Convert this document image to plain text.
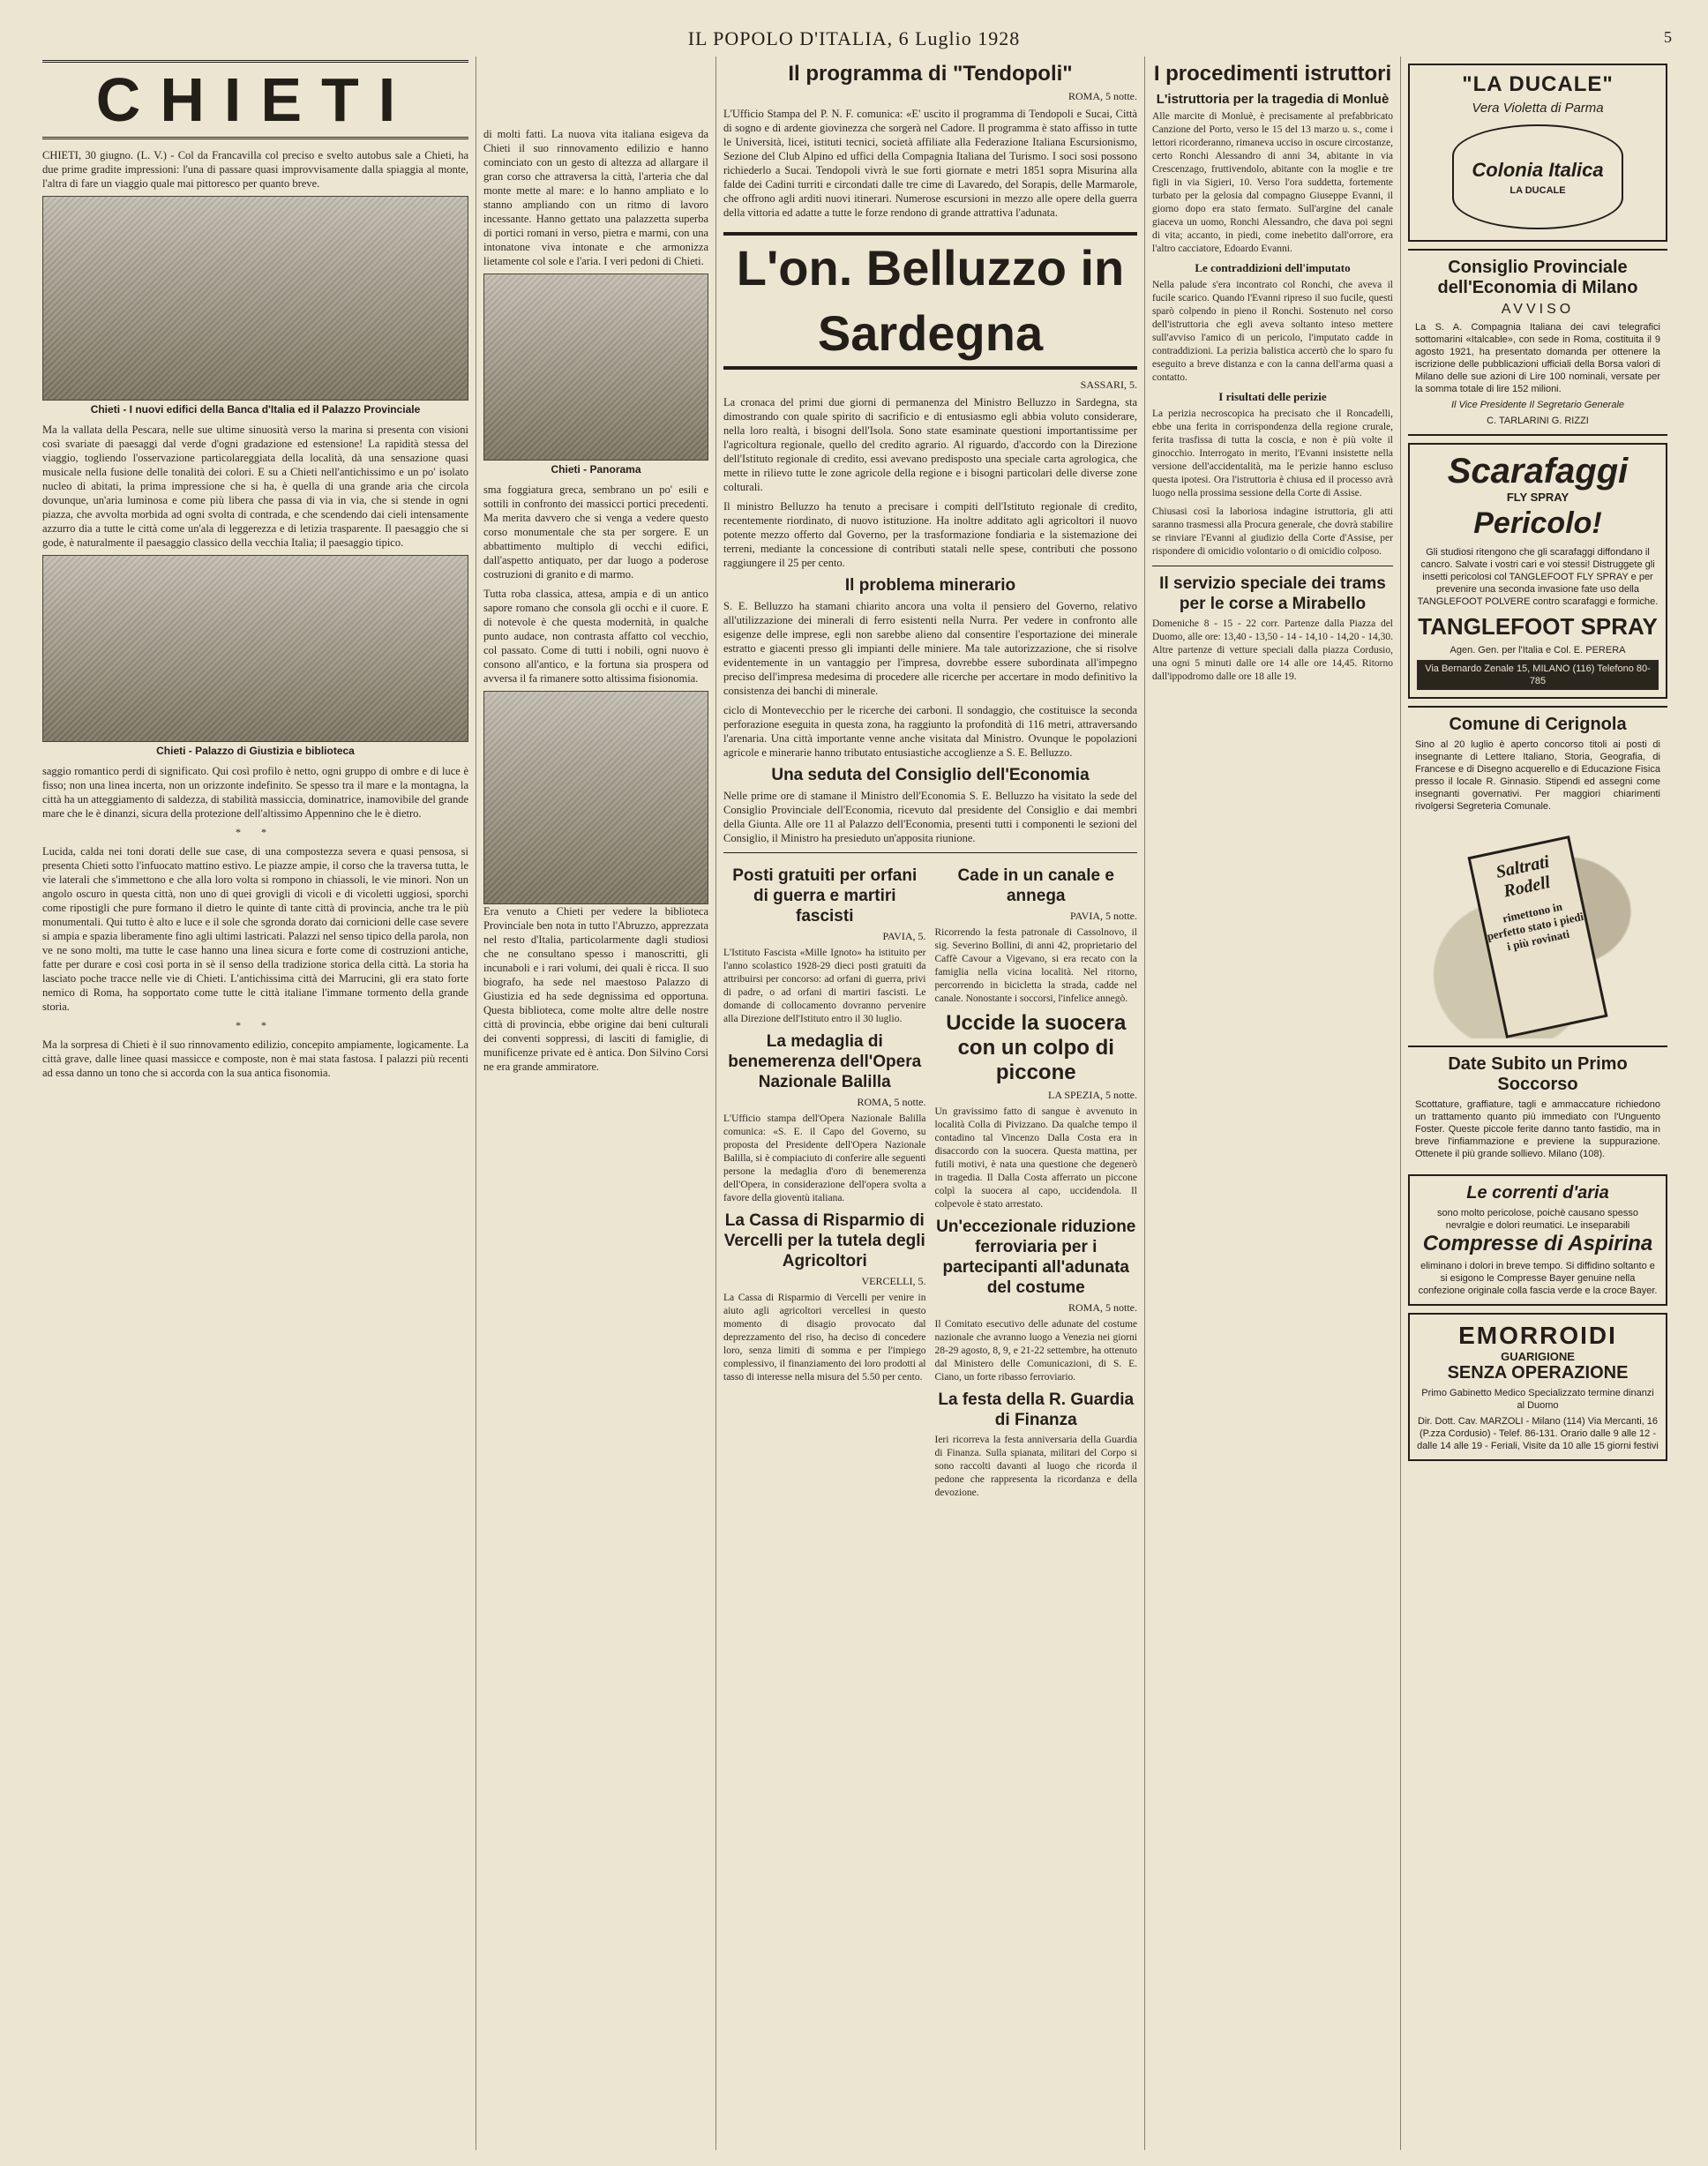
IL POPOLO D'ITALIA, 6 Luglio 1928	5
CHIETI

CHIETI, 30 giugno. (L. V.) - Col da Francavilla col preciso e svelto autobus sale a Chieti, ha due prime gradite impressioni: l'una di passare quasi improvvisamente dalla spiaggia al monte, l'altra di fare un viaggio quale mai pittoresco per quanto breve.

Chieti - I nuovi edifici della Banca d'Italia ed il Palazzo Provinciale

Ma la vallata della Pescara, nelle sue ultime sinuosità verso la marina si presenta con visioni così svariate di paesaggi dal verde d'ogni gradazione ed estensione! La rapidità stessa del viaggio, togliendo l'osservazione particolareggiata della località, dà una sensazione quasi musicale nella fusione delle tonalità dei colori. E su a Chieti nell'antichissimo e un po' isolato nucleo di abitati, la prima impressione che si ha, è quella di una grande aria che circola dovunque, un'aria luminosa e come più libera che passa di via in via, che si stende in ogni piazza, che avvolta morbida ad ogni svolta di contrada, e che scendendo dai cieli intensamente azzurro dia a tutte le città come un'ala di leggerezza e di letizia trasparente. Il paesaggio che si gode, è naturalmente il paesaggio classico della vecchia Italia; il paesaggio tipico.

Chieti - Palazzo di Giustizia e biblioteca

saggio romantico perdi di significato. Qui così profilo è netto, ogni gruppo di ombre e di luce è fisso; non una linea incerta, non un orizzonte indefinito. Se spesso tra il mare e la montagna, la città ha un atteggiamento di saldezza, di stabilità massiccia, dominatrice, inamovibile del grande mare che le è dinanzi, sicura della protezione dell'altissimo Appennino che le è dietro.

* *

Lucida, calda nei toni dorati delle sue case, di una compostezza severa e quasi pensosa, si presenta Chieti sotto l'infuocato mattino estivo. Le piazze ampie, il corso che la traversa tutta, le vie laterali che s'immettono e che alla loro volta si rompono in chiassoli, le vie minori. Non un angolo oscuro in questa città, non uno di quei grovigli di vicoli e di vicoletti uggiosi, sporchi come ripostigli che pure formano il dietro le quinte di tante città di provincia, anche tra le più monumentali. Qui tutto è alto e luce e il sole che sgronda dorato dai cornicioni delle case severe si ampia e spazia liberamente fino agli ultimi lastricati. Palazzi nel senso tipico della parola, non ve ne sono molti, ma tutte le case hanno una linea sicura e forte come di costruzioni antiche, fatte per durare e così così porta in sè il senso della tradizione storica della città. La storia ha lasciato poche tracce nelle vie di Chieti. L'antichissima città dei Marrucini, gli era stato forte nemico di Roma, ha sopportato come tutte le città italiane l'immane tormento della grande storia.

* *

Ma la sorpresa di Chieti è il suo rinnovamento edilizio, concepito ampiamente, logicamente. La città grave, dalle linee quasi massicce e composte, non è mai stata fastosa. I palazzi più recenti ad essa danno un tono che si accorda con la sua antica fisonomia.

di molti fatti. La nuova vita italiana esigeva da Chieti il suo rinnovamento edilizio e hanno cominciato con un gesto di altezza ad allargare il gran corso che attraversa la città, l'arteria che dal monte mette al mare: e lo hanno ampliato e lo stanno ampliando con un ritmo di lavoro incessante. Hanno gettato una palazzetta superba di portici romani in verso, pietra e marmi, con una intonatone viva intonate e che armonizza lietamente col sole e l'aria. I veri pedoni di Chieti.

Chieti - Panorama

sma foggiatura greca, sembrano un po' esili e sottili in confronto dei massicci portici precedenti. Ma merita davvero che si venga a vedere questo corso monumentale che sta per sorgere. E un abbattimento multiplo di vecchi edifici, dall'aspetto antiquato, per dar luogo a poderose costruzioni di granito e di marmo.

Tutta roba classica, attesa, ampia e di un antico sapore romano che consola gli occhi e il cuore. E di notevole è che questa modernità, in qualche punto audace, non contrasta affatto col vecchio, col passato. Come di tutti i nobili, ogni nuovo è consono all'antico, e la fortuna sia prospera od avversa il fa rimanere sotto altissima fisionomia.

Era venuto a Chieti per vedere la biblioteca Provinciale ben nota in tutto l'Abruzzo, apprezzata nel resto d'Italia, particolarmente dagli studiosi che ne consultano spesso i manoscritti, gli incunaboli e i rari volumi, dei quali è ricca. Il suo biografo, ha sede nel maestoso Palazzo di Giustizia ed ha sede degnissima ed opportuna. Questa biblioteca, come molte altre delle nostre città di provincia, ebbe origine dai beni culturali dei conventi soppressi, di lasciti di famiglie, di munificenze private ed è antica. Don Silvino Corsi ne era grande ammiratore.

Il programma di "Tendopoli"
ROMA, 5 notte.

L'Ufficio Stampa del P. N. F. comunica: «E' uscito il programma di Tendopoli e Sucai, Città di sogno e di ardente giovinezza che sorgerà nel Cadore. Il programma è stato affisso in tutte le Università, licei, istituti tecnici, società affiliate alla Federazione Italiana Escursionismo, Sezione del Club Alpino ed uffici della Compagnia Italiana del Turismo. I soci sosi possono richiederlo a Sucai. Tendopoli vivrà le sue forti giornate e metri 1851 sopra Misurina alla falde dei Cadini turriti e circondati dalle tre cime di Lavaredo, del Sorapis, delle Marmarole, che offrono agli arditi nuovi itinerari. Numerose escursioni in mezzo alle opere della guerra della vittoria ed adatte a tutte le forze rendono di grande attrattiva l'adunata.

L'on. Belluzzo in Sardegna
SASSARI, 5.

La cronaca del primi due giorni di permanenza del Ministro Belluzzo in Sardegna, sta dimostrando con quale spirito di sacrificio e di entusiasmo egli abbia voluto considerare, nella loro realtà, i bisogni dell'Isola. Sono state esaminate questioni importantissime per l'agricoltura regionale, quello del credito agrario. Al riguardo, d'accordo con la Direzione dell'Istituto regionale di credito, essi avevano predisposto una speciale carta agrologica, che mette in rilievo tutte le zone agricole della regione e i bisogni particolari delle diverse zone colturali.

Il ministro Belluzzo ha tenuto a precisare i compiti dell'Istituto regionale di credito, recentemente riordinato, di nuovo istituzione. Ha inoltre additato agli agricoltori il nuovo potente mezzo offerto dal Governo, per la trasformazione fondiaria e la sistemazione dei terreni, mediante la concessione di contributi statali nelle spese, contributi che possono raggiungere il 25 per cento.

Il problema minerario

S. E. Belluzzo ha stamani chiarito ancora una volta il pensiero del Governo, relativo all'utilizzazione dei minerali di ferro esistenti nella Nurra. Per vedere in confronto alle esigenze delle imprese, egli non sarebbe alieno dal consentire l'esportazione dei minerale estratto e giacenti presso gli impianti delle miniere. Ma tale autorizzazione, che si risolve evidentemente in un vantaggio per l'impresa, dovrebbe essere subordinata all'impegno preciso dell'impresa medesima di procedere alle ricerche per accertare in modo definitivo la consistenza dei banchi di minerale.

ciclo di Montevecchio per le ricerche dei carboni. Il sondaggio, che costituisce la seconda perforazione eseguita in questa zona, ha raggiunto la profondità di 116 metri, attraversando l'arenaria. Una città importante venne anche visitata dal Ministro. Ovunque le popolazioni agricole e minerarie hanno tributato entusiastiche accoglienze a S. E. Belluzzo.

Una seduta del Consiglio dell'Economia

Nelle prime ore di stamane il Ministro dell'Economia S. E. Belluzzo ha visitato la sede del Consiglio Provinciale dell'Economia, ricevuto dal presidente del Consiglio e dai membri della Giunta. Alle ore 11 al Palazzo dell'Economia, presenti tutti i componenti le sezioni del Consiglio, il Ministro ha presieduto un'apposita riunione.

Posti gratuiti per orfani di guerra e martiri fascisti
PAVIA, 5.

L'Istituto Fascista «Mille Ignoto» ha istituito per l'anno scolastico 1928-29 dieci posti gratuiti da attribuirsi per concorso: ad orfani di guerra, privi di padre, o ad orfani di martiri fascisti. Le domande di collocamento dovranno pervenire alla Direzione dell'Istituto entro il 30 luglio.

La medaglia di benemerenza dell'Opera Nazionale Balilla
ROMA, 5 notte.

L'Ufficio stampa dell'Opera Nazionale Balilla comunica: «S. E. il Capo del Governo, su proposta del Presidente dell'Opera Nazionale Balilla, si è compiaciuto di conferire alle seguenti persone la medaglia d'oro di benemerenza dell'Opera, in considerazione dell'opera svolta a favore della gioventù italiana.

La Cassa di Risparmio di Vercelli per la tutela degli Agricoltori
VERCELLI, 5.

La Cassa di Risparmio di Vercelli per venire in aiuto agli agricoltori vercellesi in questo momento di disagio provocato dal deprezzamento del riso, ha deciso di concedere loro, senza limiti di somma e per l'impiego complessivo, il finanziamento dei loro prodotti al tasso di interesse nella misura del 5.50 per cento.

Cade in un canale e annega
PAVIA, 5 notte.

Ricorrendo la festa patronale di Cassolnovo, il sig. Severino Bollini, di anni 42, proprietario del Caffè Cavour a Vigevano, si era recato con la famiglia nella vicina località. Nel ritorno, percorrendo in bicicletta la strada, cadde nel canale. Nonostante i soccorsi, l'infelice annegò.

Uccide la suocera con un colpo di piccone
LA SPEZIA, 5 notte.

Un gravissimo fatto di sangue è avvenuto in località Colla di Pivizzano. Da qualche tempo il contadino tal Vincenzo Dalla Costa era in disaccordo con la suocera. Questa mattina, per futili motivi, è nata una questione che degenerò in tragedia. Il Dalla Costa afferrato un piccone colpì la suocera al capo, uccidendola. Il colpevole è stato arrestato.

Un'eccezionale riduzione ferroviaria per i partecipanti all'adunata del costume
ROMA, 5 notte.

Il Comitato esecutivo delle adunate del costume nazionale che avranno luogo a Venezia nei giorni 28-29 agosto, 8, 9, e 21-22 settembre, ha ottenuto dal Ministero delle Comunicazioni, di S. E. Ciano, un forte ribasso ferroviario.

La festa della R. Guardia di Finanza

Ieri ricorreva la festa anniversaria della Guardia di Finanza. Sulla spianata, militari del Corpo si sono raccolti davanti al luogo che ricorda il pedone che rappresenta la ricordanza e della devozione.

I procedimenti istruttori
L'istruttoria per la tragedia di Monluè

Alle marcite di Monluè, è precisamente al prefabbricato Canzione del Porto, verso le 15 del 13 marzo u. s., come i lettori ricorderanno, rimaneva ucciso in oscure circostanze, certo Ronchi Alessandro di anni 34, abitante in via Crescenzago, fruttivendolo, abitante con la moglie e tre figli in via Sigieri, 10. Verso l'ora suddetta, fortemente turbato per la gelosia dal compagno Giuseppe Evanni, il giorno dopo era stato fermato. Sull'argine del canale giaceva un uomo, Ronchi Alessandro, che dava poi segni di vita; accanto, in piedi, come inebetito dall'orrore, era l'altro cacciatore, Edoardo Evanni.

Le contraddizioni dell'imputato

Nella palude s'era incontrato col Ronchi, che aveva il fucile scarico. Quando l'Evanni ripreso il suo fucile, questi sparò colpendo in pieno il Ronchi. Sostenuto nel corso dell'istruttoria che egli aveva soltanto inteso mettere sull'avviso l'amico di un pericolo, l'imputato cadde in contraddizioni. La perizia balistica accertò che lo sparo fu eseguito a breve distanza e con la canna dell'arma quasi a contatto.

I risultati delle perizie

La perizia necroscopica ha precisato che il Roncadelli, ebbe una ferita in corrispondenza della regione crurale, ferita trasfissa di tutta la coscia, e non è più volte il ginocchio. Interrogato in merito, l'Evanni insistette nella versione dell'accidentalità, ma le perizie hanno escluso questa ipotesi. Ora l'istruttoria è chiusa ed il processo avrà luogo nella prossima sessione della Corte di Assise.

Chiusasi così la laboriosa indagine istruttoria, gli atti saranno trasmessi alla Procura generale, che dovrà stabilire se rinviare l'Evanni al giudizio della Corte d'Assise, per rispondere di omicidio volontario o di omicidio colposo.

Il servizio speciale dei trams per le corse a Mirabello

Domeniche 8 - 15 - 22 corr. Partenze dalla Piazza del Duomo, alle ore: 13,40 - 13,50 - 14 - 14,10 - 14,20 - 14,30. Altre partenze di vetture speciali dalla piazza Cordusio, una ogni 5 minuti dalle ore 14 alle ore 14,45. Ritorno dall'ippodromo dalle ore 18 alle 19.

"LA DUCALE"
Vera Violetta di Parma
Colonia Italica
LA DUCALE
Consiglio Provinciale dell'Economia di Milano
AVVISO
La S. A. Compagnia Italiana dei cavi telegrafici sottomarini «Italcable», con sede in Roma, costituita il 9 agosto 1921, ha presentato domanda per ottenere la iscrizione delle pubblicazioni ufficiali della Borsa valori di Milano delle sue azioni di Lire 100 nominali, versate per la somma totale di lire 152 milioni.
Il Vice Presidente Il Segretario Generale
C. TARLARINI G. RIZZI
Scarafaggi
FLY SPRAY
Pericolo!
Gli studiosi ritengono che gli scarafaggi diffondano il cancro. Salvate i vostri cari e voi stessi! Distruggete gli insetti pericolosi col TANGLEFOOT FLY SPRAY e per prevenire una seconda invasione fate uso della TANGLEFOOT POLVERE contro scarafaggi e formiche.
TANGLEFOOT SPRAY
Agen. Gen. per l'Italia e Col. E. PERERA
Via Bernardo Zenale 15, MILANO (116) Telefono 80-785
Comune di Cerignola
Sino al 20 luglio è aperto concorso titoli ai posti di insegnante di Lettere Italiano, Storia, Geografia, di Francese e di Disegno acquerello e di Educazione Fisica presso il locale R. Ginnasio. Stipendi ed assegni come insegnanti governativi. Per maggiori chiarimenti rivolgersi Segreteria Comunale.
Saltrati Rodell
rimettono in perfetto stato i piedi i più rovinati
Date Subito un Primo Soccorso
Scottature, graffiature, tagli e ammaccature richiedono un trattamento quanto più immediato con l'Unguento Foster. Queste piccole ferite danno tanto fastidio, ma in breve l'infiammazione e previene la suppurazione. Ottenete il più grande sollievo. Milano (108).
Le correnti d'aria
sono molto pericolose, poichè causano spesso nevralgie e dolori reumatici. Le inseparabili
Compresse di Aspirina
eliminano i dolori in breve tempo. Si diffidino soltanto e si esigono le Compresse Bayer genuine nella confezione originale colla fascia verde e la croce Bayer.
EMORROIDI
GUARIGIONE
SENZA OPERAZIONE
Primo Gabinetto Medico Specializzato termine dinanzi al Duomo
Dir. Dott. Cav. MARZOLI - Milano (114) Via Mercanti, 16 (P.zza Cordusio) - Telef. 86-131. Orario dalle 9 alle 12 - dalle 14 alle 19 - Feriali, Visite da 10 alle 15 giorni festivi
